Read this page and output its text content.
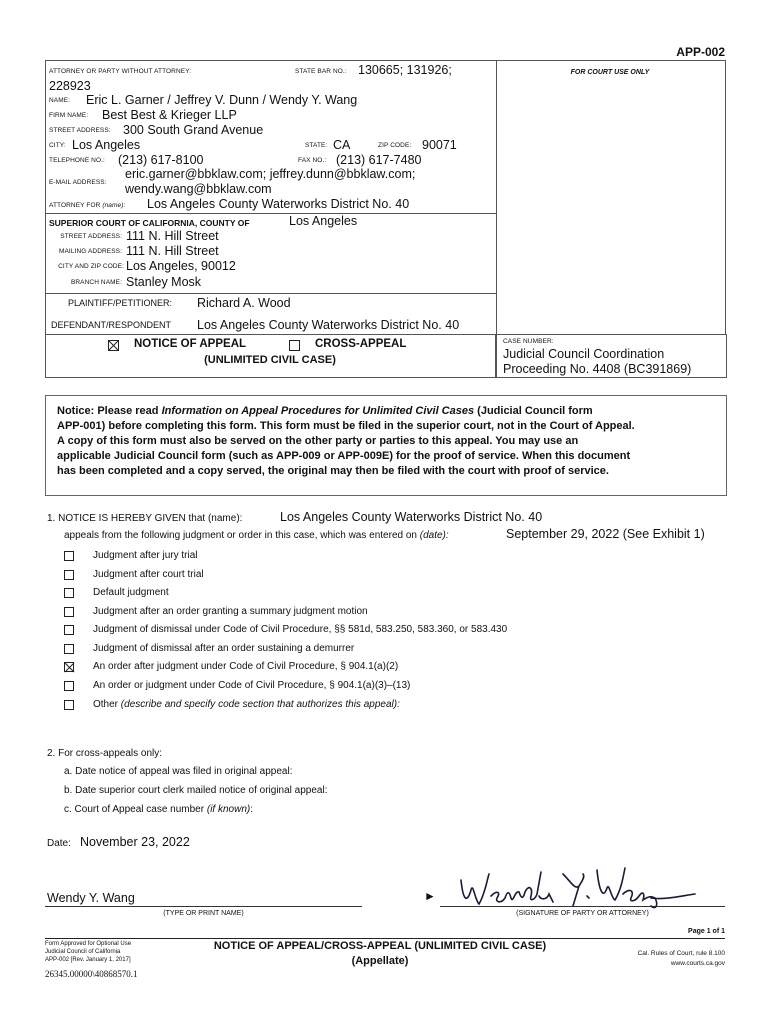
APP-002
ATTORNEY OR PARTY WITHOUT ATTORNEY:	STATE BAR NO.: 130665; 131926;
228923
NAME: Eric L. Garner / Jeffrey V. Dunn / Wendy Y. Wang
FIRM NAME: Best Best & Krieger LLP
STREET ADDRESS: 300 South Grand Avenue
CITY: Los Angeles	STATE: CA	ZIP CODE: 90071
TELEPHONE NO.: (213) 617-8100	FAX NO.: (213) 617-7480
E-MAIL ADDRESS:
eric.garner@bbklaw.com; jeffrey.dunn@bbklaw.com;
wendy.wang@bbklaw.com
ATTORNEY FOR (name): Los Angeles County Waterworks District No. 40
FOR COURT USE ONLY
SUPERIOR COURT OF CALIFORNIA, COUNTY OF	Los Angeles
STREET ADDRESS: 111 N. Hill Street
MAILING ADDRESS: 111 N. Hill Street
CITY AND ZIP CODE: Los Angeles, 90012
BRANCH NAME: Stanley Mosk
PLAINTIFF/PETITIONER: Richard A. Wood
DEFENDANT/RESPONDENT Los Angeles County Waterworks District No. 40
NOTICE OF APPEAL	CROSS-APPEAL
(UNLIMITED CIVIL CASE)
CASE NUMBER:
Judicial Council Coordination
Proceeding No. 4408 (BC391869)
Notice: Please read Information on Appeal Procedures for Unlimited Civil Cases (Judicial Council form
APP-001) before completing this form. This form must be filed in the superior court, not in the Court of Appeal.
A copy of this form must also be served on the other party or parties to this appeal. You may use an
applicable Judicial Council form (such as APP-009 or APP-009E) for the proof of service. When this document
has been completed and a copy served, the original may then be filed with the court with proof of service.
1. NOTICE IS HEREBY GIVEN that (name):	Los Angeles County Waterworks District No. 40
appeals from the following judgment or order in this case, which was entered on (date):	September 29, 2022 (See Exhibit 1)
Judgment after jury trial
Judgment after court trial
Default judgment
Judgment after an order granting a summary judgment motion
Judgment of dismissal under Code of Civil Procedure, §§ 581d, 583.250, 583.360, or 583.430
Judgment of dismissal after an order sustaining a demurrer
An order after judgment under Code of Civil Procedure, § 904.1(a)(2)
An order or judgment under Code of Civil Procedure, § 904.1(a)(3)–(13)
Other (describe and specify code section that authorizes this appeal):
2. For cross-appeals only:
a. Date notice of appeal was filed in original appeal:
b. Date superior court clerk mailed notice of original appeal:
c. Court of Appeal case number (if known):
Date: November 23, 2022
Wendy Y. Wang
(TYPE OR PRINT NAME)
►
(SIGNATURE OF PARTY OR ATTORNEY)
Page 1 of 1
Form Approved for Optional Use
Judicial Council of California
APP-002 [Rev. January 1, 2017]
26345.00000\40868570.1
NOTICE OF APPEAL/CROSS-APPEAL (UNLIMITED CIVIL CASE)
(Appellate)
Cal. Rules of Court, rule 8.100
www.courts.ca.gov
